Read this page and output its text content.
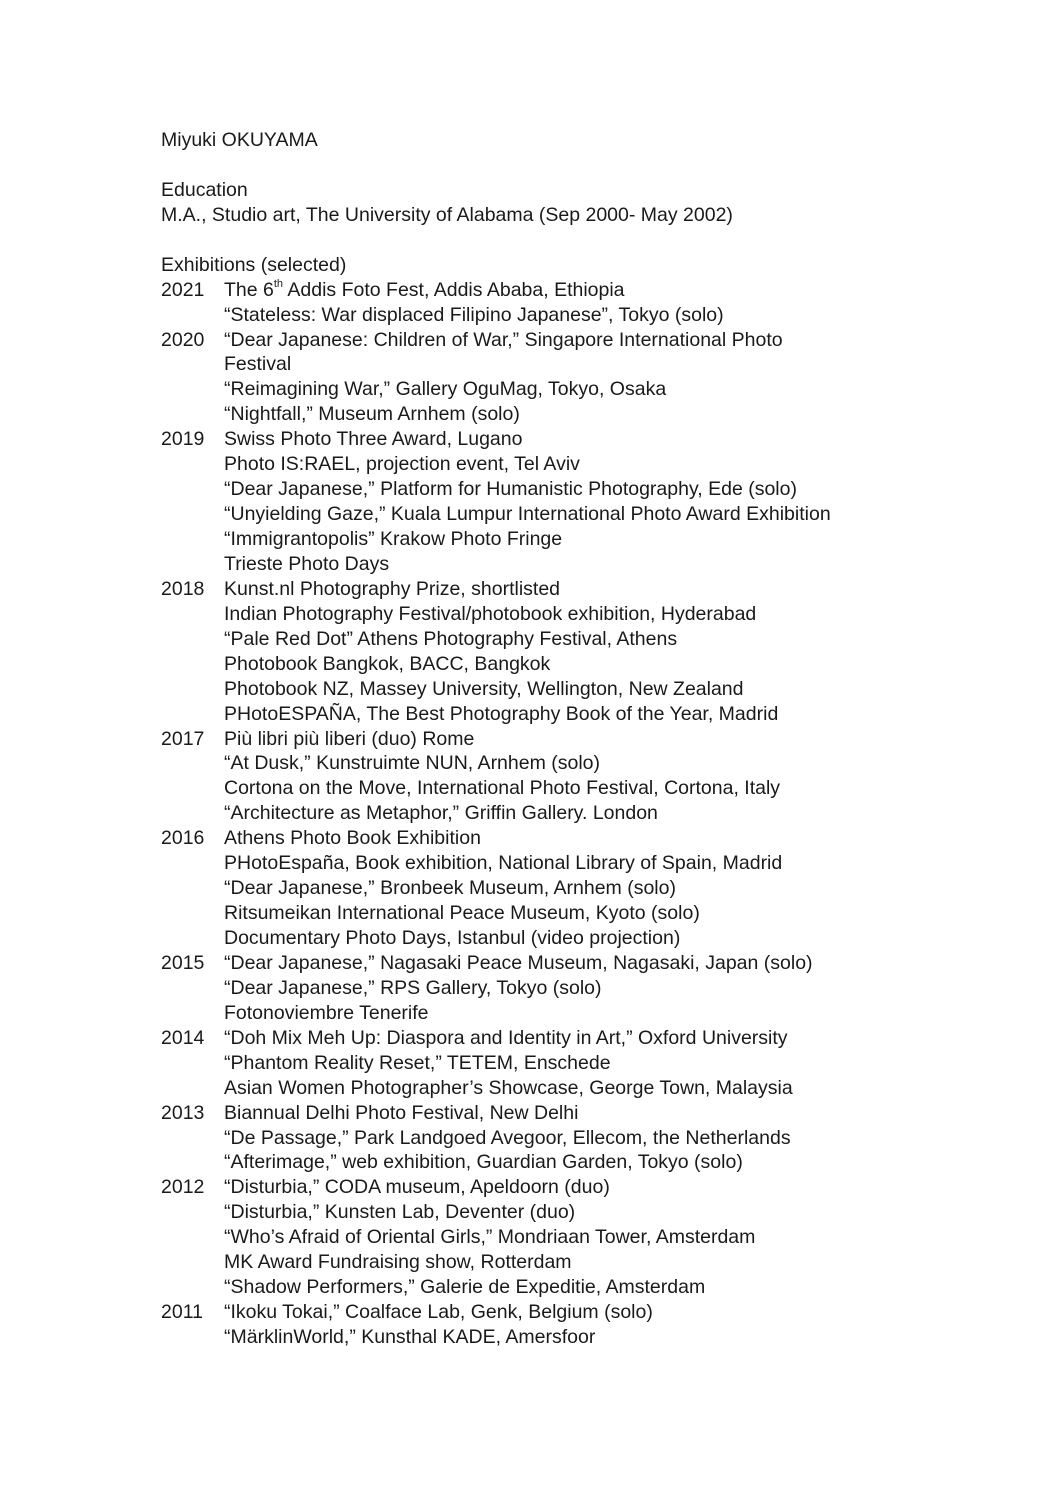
Miyuki OKUYAMA
Education
M.A., Studio art, The University of Alabama (Sep 2000- May 2002)
Exhibitions (selected)
2021	The 6th Addis Foto Fest, Addis Ababa, Ethiopia
“Stateless: War displaced Filipino Japanese”, Tokyo (solo)
2020	“Dear Japanese: Children of War,” Singapore International Photo
Festival
“Reimagining War,” Gallery OguMag, Tokyo, Osaka
“Nightfall,” Museum Arnhem (solo)
2019	Swiss Photo Three Award, Lugano
Photo IS:RAEL, projection event, Tel Aviv
“Dear Japanese,” Platform for Humanistic Photography, Ede (solo)
“Unyielding Gaze,” Kuala Lumpur International Photo Award Exhibition
“Immigrantopolis” Krakow Photo Fringe
Trieste Photo Days
2018	Kunst.nl Photography Prize, shortlisted
Indian Photography Festival/photobook exhibition, Hyderabad
“Pale Red Dot” Athens Photography Festival, Athens
Photobook Bangkok, BACC, Bangkok
Photobook NZ, Massey University, Wellington, New Zealand
PHotoESPAÑA, The Best Photography Book of the Year, Madrid
2017	Più libri più liberi (duo) Rome
“At Dusk,” Kunstruimte NUN, Arnhem (solo)
Cortona on the Move, International Photo Festival, Cortona, Italy
“Architecture as Metaphor,” Griffin Gallery. London
2016	Athens Photo Book Exhibition
PHotoEspaña, Book exhibition, National Library of Spain, Madrid
“Dear Japanese,” Bronbeek Museum, Arnhem (solo)
Ritsumeikan International Peace Museum, Kyoto (solo)
Documentary Photo Days, Istanbul (video projection)
2015	“Dear Japanese,” Nagasaki Peace Museum, Nagasaki, Japan (solo)
“Dear Japanese,” RPS Gallery, Tokyo (solo)
Fotonoviembre Tenerife
2014	“Doh Mix Meh Up: Diaspora and Identity in Art,” Oxford University
“Phantom Reality Reset,” TETEM, Enschede
Asian Women Photographer’s Showcase, George Town, Malaysia
2013	Biannual Delhi Photo Festival, New Delhi
“De Passage,” Park Landgoed Avegoor, Ellecom, the Netherlands
“Afterimage,” web exhibition, Guardian Garden, Tokyo (solo)
2012	“Disturbia,” CODA museum, Apeldoorn (duo)
“Disturbia,” Kunsten Lab, Deventer (duo)
“Who’s Afraid of Oriental Girls,” Mondriaan Tower, Amsterdam
MK Award Fundraising show, Rotterdam
“Shadow Performers,” Galerie de Expeditie, Amsterdam
2011	“Ikoku Tokai,” Coalface Lab, Genk, Belgium (solo)
“MärklinWorld,” Kunsthal KADE, Amersfoor
